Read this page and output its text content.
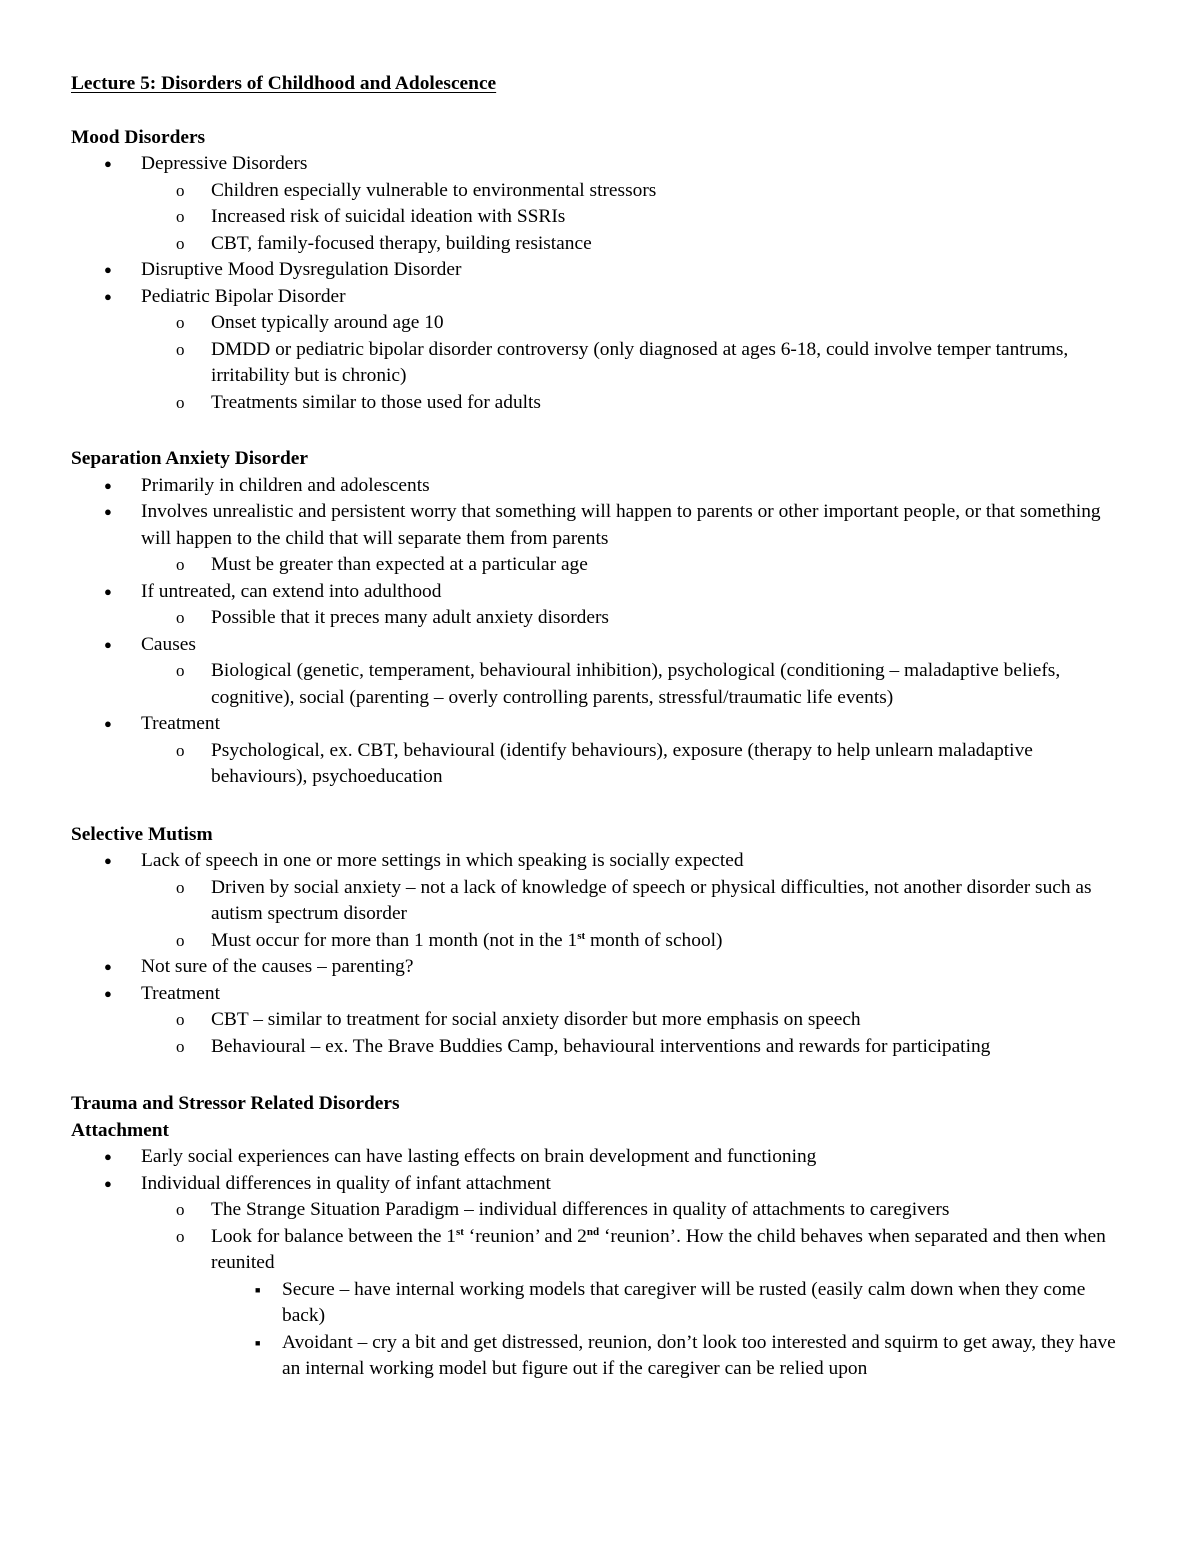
Lecture 5: Disorders of Childhood and Adolescence
Mood Disorders
● Depressive Disorders
o Children especially vulnerable to environmental stressors
o Increased risk of suicidal ideation with SSRIs
o CBT, family-focused therapy, building resistance
● Disruptive Mood Dysregulation Disorder
● Pediatric Bipolar Disorder
o Onset typically around age 10
o DMDD or pediatric bipolar disorder controversy (only diagnosed at ages 6-18, could involve temper tantrums, irritability but is chronic)
o Treatments similar to those used for adults
Separation Anxiety Disorder
● Primarily in children and adolescents
● Involves unrealistic and persistent worry that something will happen to parents or other important people, or that something will happen to the child that will separate them from parents
o Must be greater than expected at a particular age
● If untreated, can extend into adulthood
o Possible that it preces many adult anxiety disorders
● Causes
o Biological (genetic, temperament, behavioural inhibition), psychological (conditioning – maladaptive beliefs, cognitive), social (parenting – overly controlling parents, stressful/traumatic life events)
● Treatment
o Psychological, ex. CBT, behavioural (identify behaviours), exposure (therapy to help unlearn maladaptive behaviours), psychoeducation
Selective Mutism
● Lack of speech in one or more settings in which speaking is socially expected
o Driven by social anxiety – not a lack of knowledge of speech or physical difficulties, not another disorder such as autism spectrum disorder
o Must occur for more than 1 month (not in the 1st month of school)
● Not sure of the causes – parenting?
● Treatment
o CBT – similar to treatment for social anxiety disorder but more emphasis on speech
o Behavioural – ex. The Brave Buddies Camp, behavioural interventions and rewards for participating
Trauma and Stressor Related Disorders
Attachment
● Early social experiences can have lasting effects on brain development and functioning
● Individual differences in quality of infant attachment
o The Strange Situation Paradigm – individual differences in quality of attachments to caregivers
o Look for balance between the 1st ‘reunion’ and 2nd ‘reunion’. How the child behaves when separated and then when reunited
■ Secure – have internal working models that caregiver will be rusted (easily calm down when they come back)
■ Avoidant – cry a bit and get distressed, reunion, don’t look too interested and squirm to get away, they have an internal working model but figure out if the caregiver can be relied upon
